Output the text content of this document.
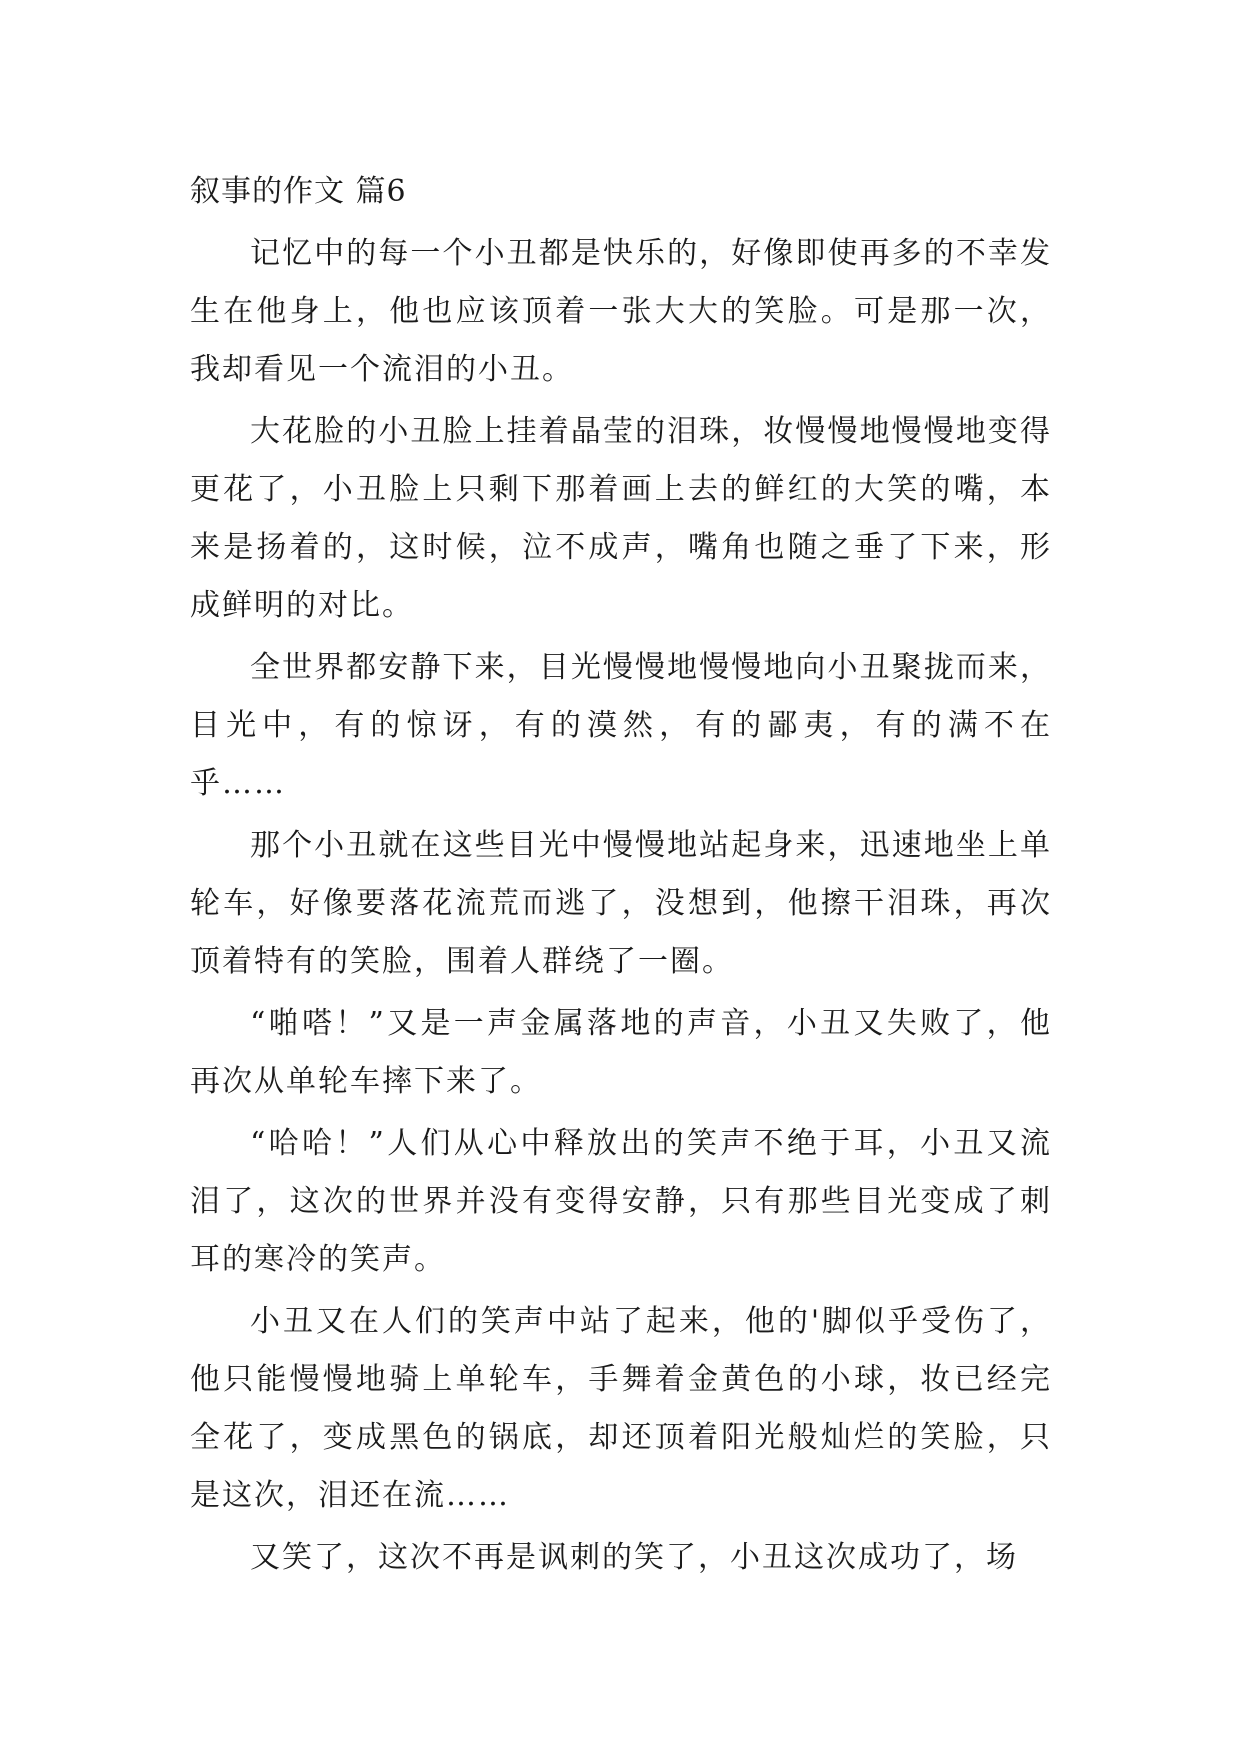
叙事的作文 篇6

记忆中的每一个小丑都是快乐的，好像即使再多的不幸发生在他身上，他也应该顶着一张大大的笑脸。可是那一次，我却看见一个流泪的小丑。

大花脸的小丑脸上挂着晶莹的泪珠，妆慢慢地慢慢地变得更花了，小丑脸上只剩下那着画上去的鲜红的大笑的嘴，本来是扬着的，这时候，泣不成声，嘴角也随之垂了下来，形成鲜明的对比。

全世界都安静下来，目光慢慢地慢慢地向小丑聚拢而来，目光中，有的惊讶，有的漠然，有的鄙夷，有的满不在乎……

那个小丑就在这些目光中慢慢地站起身来，迅速地坐上单轮车，好像要落花流荒而逃了，没想到，他擦干泪珠，再次顶着特有的笑脸，围着人群绕了一圈。

“啪嗒！”又是一声金属落地的声音，小丑又失败了，他再次从单轮车摔下来了。

“哈哈！”人们从心中释放出的笑声不绝于耳，小丑又流泪了，这次的世界并没有变得安静，只有那些目光变成了刺耳的寒冷的笑声。

小丑又在人们的笑声中站了起来，他的'脚似乎受伤了，他只能慢慢地骑上单轮车，手舞着金黄色的小球，妆已经完全花了，变成黑色的锅底，却还顶着阳光般灿烂的笑脸，只是这次，泪还在流……

又笑了，这次不再是讽刺的笑了，小丑这次成功了，场
